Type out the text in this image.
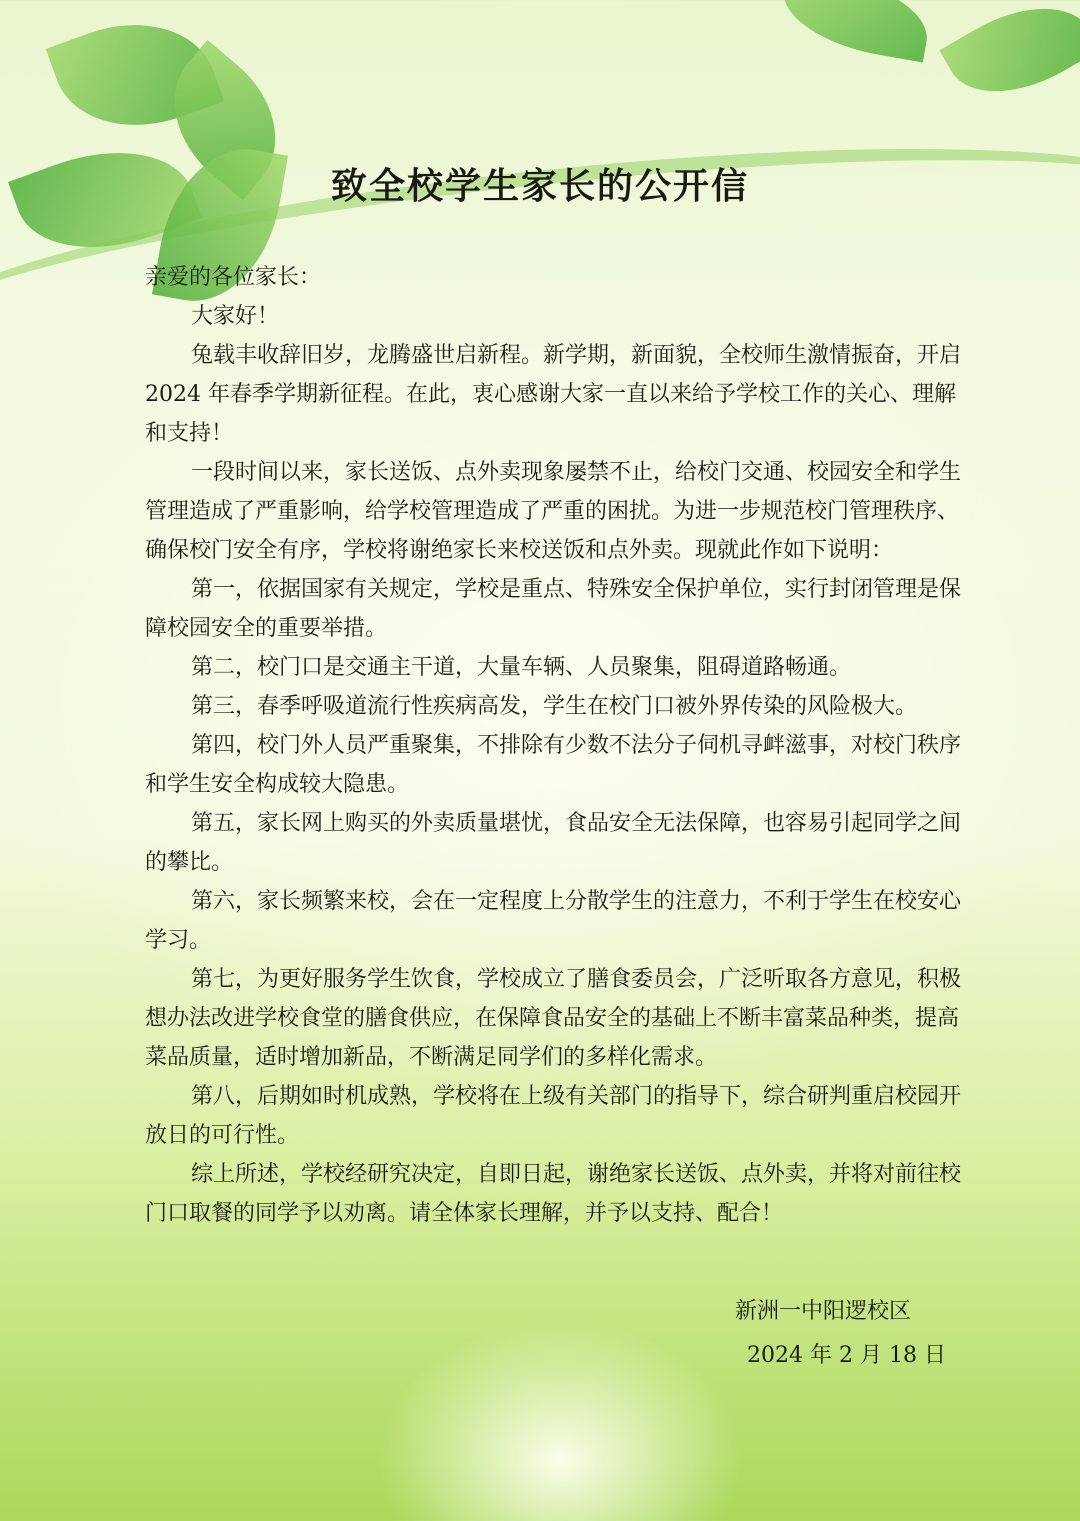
致全校学生家长的公开信
亲爱的各位家长：
大家好！
兔载丰收辞旧岁，龙腾盛世启新程。新学期，新面貌，全校师生激情振奋，开启
2024 年春季学期新征程。在此，衷心感谢大家一直以来给予学校工作的关心、理解
和支持！
一段时间以来，家长送饭、点外卖现象屡禁不止，给校门交通、校园安全和学生
管理造成了严重影响，给学校管理造成了严重的困扰。为进一步规范校门管理秩序、
确保校门安全有序，学校将谢绝家长来校送饭和点外卖。现就此作如下说明：
第一，依据国家有关规定，学校是重点、特殊安全保护单位，实行封闭管理是保
障校园安全的重要举措。
第二，校门口是交通主干道，大量车辆、人员聚集，阻碍道路畅通。
第三，春季呼吸道流行性疾病高发，学生在校门口被外界传染的风险极大。
第四，校门外人员严重聚集，不排除有少数不法分子伺机寻衅滋事，对校门秩序
和学生安全构成较大隐患。
第五，家长网上购买的外卖质量堪忧，食品安全无法保障，也容易引起同学之间
的攀比。
第六，家长频繁来校，会在一定程度上分散学生的注意力，不利于学生在校安心
学习。
第七，为更好服务学生饮食，学校成立了膳食委员会，广泛听取各方意见，积极
想办法改进学校食堂的膳食供应，在保障食品安全的基础上不断丰富菜品种类，提高
菜品质量，适时增加新品，不断满足同学们的多样化需求。
第八，后期如时机成熟，学校将在上级有关部门的指导下，综合研判重启校园开
放日的可行性。
综上所述，学校经研究决定，自即日起，谢绝家长送饭、点外卖，并将对前往校
门口取餐的同学予以劝离。请全体家长理解，并予以支持、配合！
新洲一中阳逻校区
2024 年 2 月 18 日
